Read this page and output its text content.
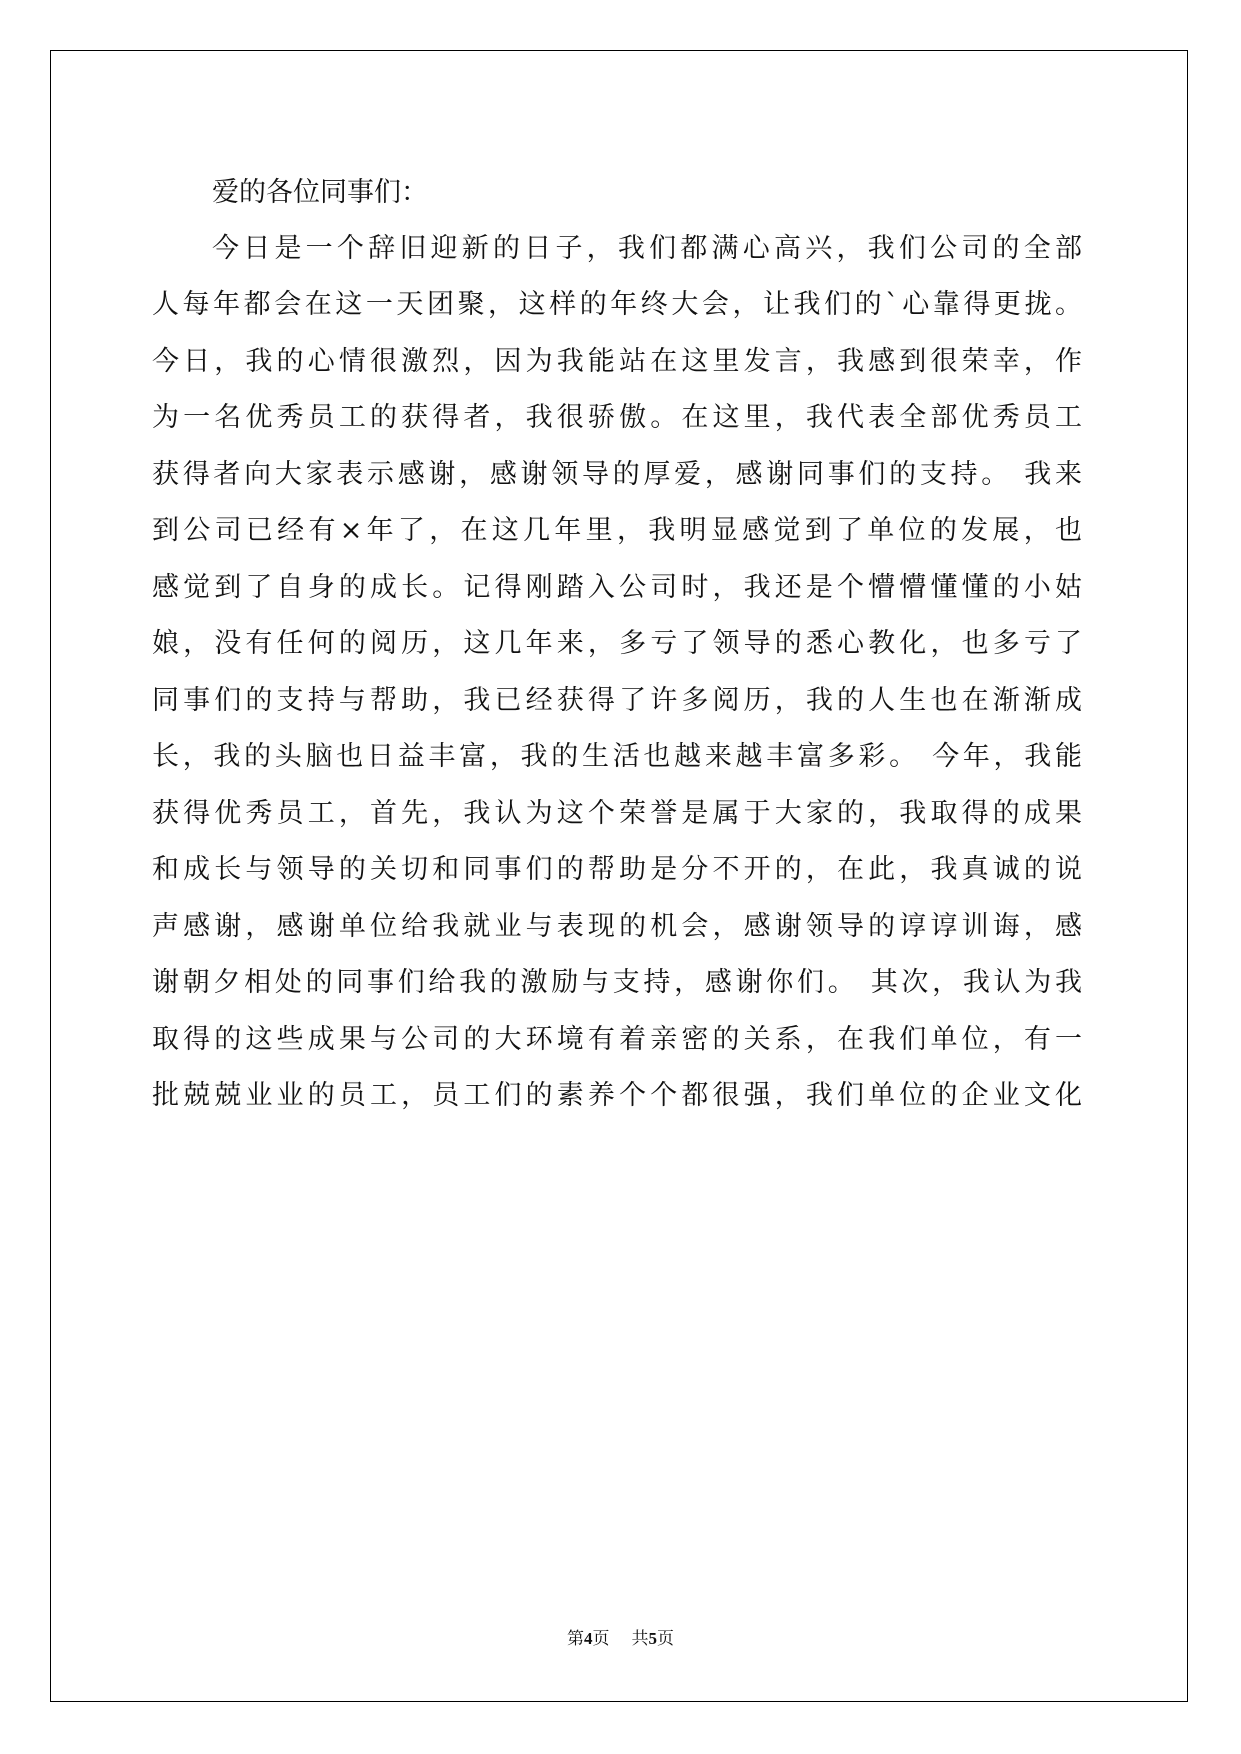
爱的各位同事们：

今日是一个辞旧迎新的日子，我们都满心高兴，我们公司的全部

人每年都会在这一天团聚，这样的年终大会，让我们的`心靠得更拢。

今日，我的心情很激烈，因为我能站在这里发言，我感到很荣幸，作

为一名优秀员工的获得者，我很骄傲。在这里，我代表全部优秀员工

获得者向大家表示感谢，感谢领导的厚爱，感谢同事们的支持。 我来

到公司已经有×年了，在这几年里，我明显感觉到了单位的发展，也

感觉到了自身的成长。记得刚踏入公司时，我还是个懵懵懂懂的小姑

娘，没有任何的阅历，这几年来，多亏了领导的悉心教化，也多亏了

同事们的支持与帮助，我已经获得了许多阅历，我的人生也在渐渐成

长，我的头脑也日益丰富，我的生活也越来越丰富多彩。 今年，我能

获得优秀员工，首先，我认为这个荣誉是属于大家的，我取得的成果

和成长与领导的关切和同事们的帮助是分不开的，在此，我真诚的说

声感谢，感谢单位给我就业与表现的机会，感谢领导的谆谆训诲，感

谢朝夕相处的同事们给我的激励与支持，感谢你们。 其次，我认为我

取得的这些成果与公司的大环境有着亲密的关系，在我们单位，有一

批兢兢业业的员工，员工们的素养个个都很强，我们单位的企业文化

第4页 共5页
